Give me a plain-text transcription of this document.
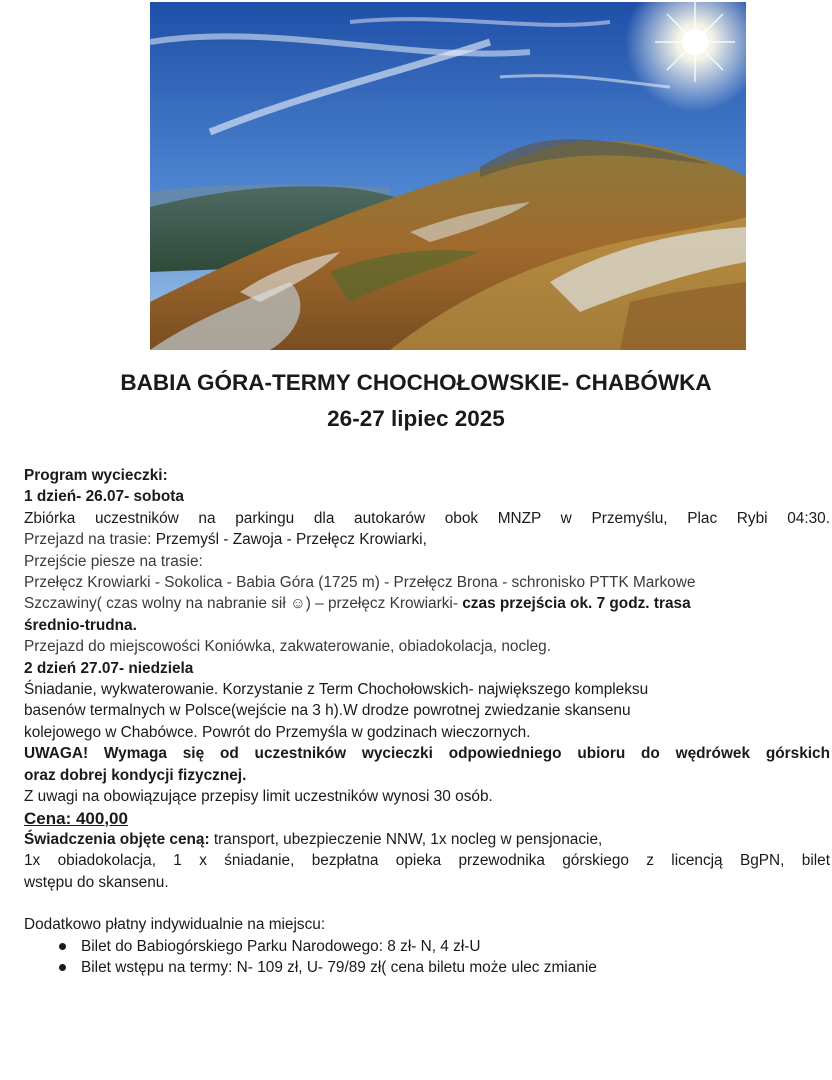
BABIA GÓRA-TERMY CHOCHOŁOWSKIE- CHABÓWKA
26-27 lipiec 2025

Program wycieczki:

1 dzień- 26.07- sobota

Zbiórka uczestników na parkingu dla autokarów obok MNZP w Przemyślu, Plac Rybi 04:30.

Przejazd na trasie: Przemyśl - Zawoja - Przełęcz Krowiarki,

Przejście piesze na trasie:

Przełęcz Krowiarki - Sokolica - Babia Góra (1725 m) - Przełęcz Brona - schronisko PTTK Markowe

Szczawiny( czas wolny na nabranie sił ☺) – przełęcz Krowiarki- czas przejścia ok. 7 godz. trasa

średnio-trudna.

Przejazd do miejscowości Koniówka, zakwaterowanie, obiadokolacja, nocleg.

2 dzień 27.07- niedziela

Śniadanie, wykwaterowanie. Korzystanie z Term Chochołowskich- największego kompleksu

basenów termalnych w Polsce(wejście na 3 h).W drodze powrotnej zwiedzanie skansenu

kolejowego w Chabówce. Powrót do Przemyśla w godzinach wieczornych.

UWAGA! Wymaga się od uczestników wycieczki odpowiedniego ubioru do wędrówek górskich

oraz dobrej kondycji fizycznej.

Z uwagi na obowiązujące przepisy limit uczestników wynosi 30 osób.

Cena: 400,00

Świadczenia objęte ceną: transport, ubezpieczenie NNW, 1x nocleg w pensjonacie,

1x obiadokolacja, 1 x śniadanie, bezpłatna opieka przewodnika górskiego z licencją BgPN, bilet

wstępu do skansenu.

Dodatkowo płatny indywidualnie na miejscu:

Bilet do Babiogórskiego Parku Narodowego: 8 zł- N, 4 zł-U
Bilet wstępu na termy: N- 109 zł, U- 79/89 zł( cena biletu może ulec zmianie
